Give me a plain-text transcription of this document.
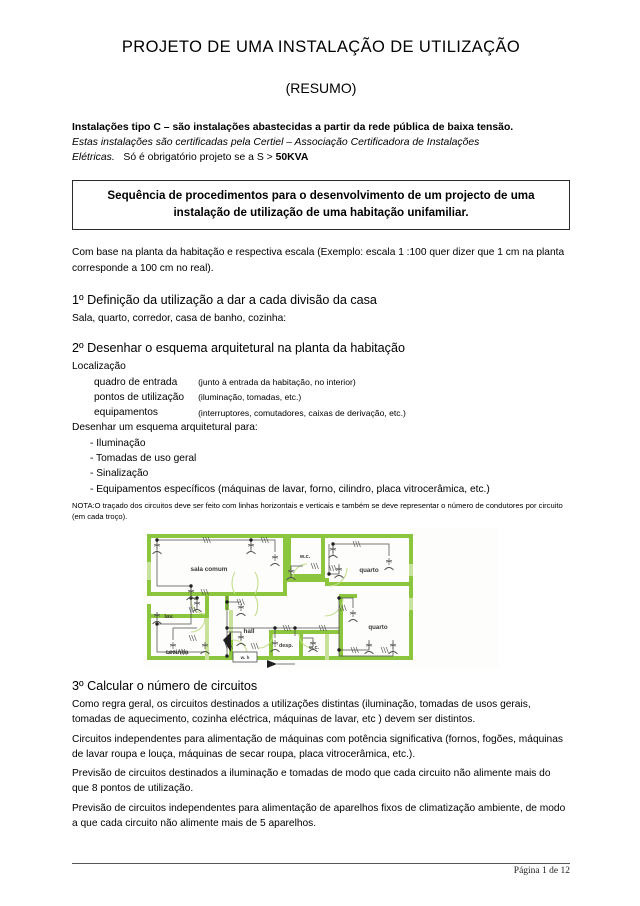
PROJETO DE UMA INSTALAÇÃO DE UTILIZAÇÃO
(RESUMO)
Instalações tipo C – são instalações abastecidas a partir da rede pública de baixa tensão.
Estas instalações são certificadas pela Certiel – Associação Certificadora de Instalações
Elétricas. Só é obrigatório projeto se a S > 50KVA
Sequência de procedimentos para o desenvolvimento de um projecto de uma
instalação de utilização de uma habitação unifamiliar.

Com base na planta da habitação e respectiva escala (Exemplo: escala 1 :100 quer dizer que 1 cm na planta corresponde a 100 cm no real).

1º Definição da utilização a dar a cada divisão da casa
Sala, quarto, corredor, casa de banho, cozinha:
2º Desenhar o esquema arquitetural na planta da habitação
Localização
quadro de entrada	(junto à entrada da habitação, no interior)
pontos de utilização	(iluminação, tomadas, etc.)
equipamentos	(interruptores, comutadores, caixas de derivação, etc.)
Desenhar um esquema arquitetural para:
- Iluminação
- Tomadas de uso geral
- Sinalização
- Equipamentos específicos (máquinas de lavar, forno, cilindro, placa vitrocerâmica, etc.)

NOTA:O traçado dos circuitos deve ser feito com linhas horizontais e verticais e também se deve representar o número de condutores por circuito (em cada troço).

sala comum
w.c.
quarto
lav.
hall
quarto
cozinha
desp.	w.c.
w. h
3º Calcular o número de circuitos

Como regra geral, os circuitos destinados a utilizações distintas (iluminação, tomadas de usos gerais, tomadas de aquecimento, cozinha eléctrica, máquinas de lavar, etc ) devem ser distintos.

Circuitos independentes para alimentação de máquinas com potência significativa (fornos, fogões, máquinas de lavar roupa e louça, máquinas de secar roupa, placa vitrocerâmica, etc.).

Previsão de circuitos destinados a iluminação e tomadas de modo que cada circuito não alimente mais do que 8 pontos de utilização.

Previsão de circuitos independentes para alimentação de aparelhos fixos de climatização ambiente, de modo a que cada circuito não alimente mais de 5 aparelhos.

Página 1 de 12
